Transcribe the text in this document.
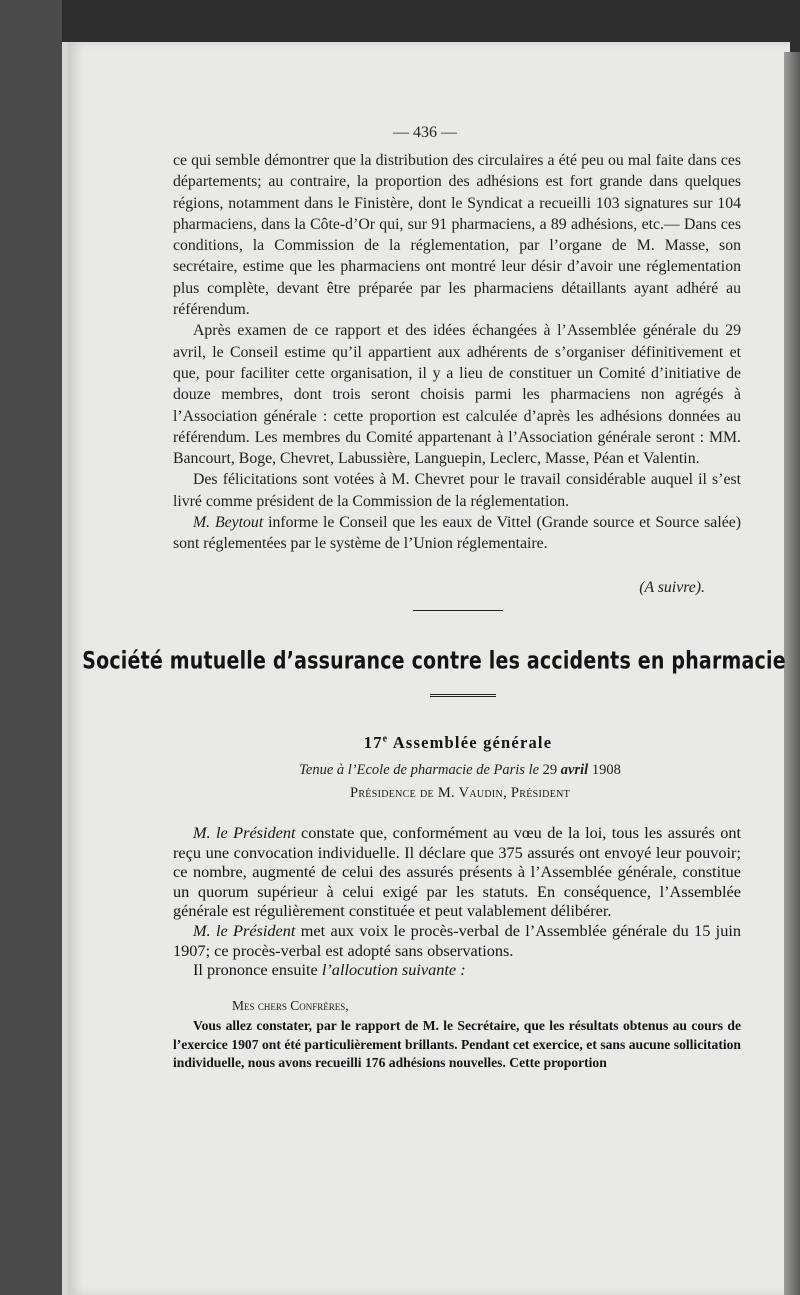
— 436 —

ce qui semble démontrer que la distribution des circulaires a été peu ou mal faite dans ces départements; au contraire, la proportion des adhésions est fort grande dans quelques régions, notamment dans le Finistère, dont le Syndicat a recueilli 103 signatures sur 104 pharmaciens, dans la Côte-d’Or qui, sur 91 pharmaciens, a 89 adhésions, etc.— Dans ces conditions, la Commission de la réglementation, par l’organe de M. Masse, son secrétaire, estime que les pharmaciens ont montré leur désir d’avoir une réglementation plus complète, devant être préparée par les pharmaciens détaillants ayant adhéré au référendum.

Après examen de ce rapport et des idées échangées à l’Assemblée générale du 29 avril, le Conseil estime qu’il appartient aux adhérents de s’organiser définitivement et que, pour faciliter cette organisation, il y a lieu de constituer un Comité d’initiative de douze membres, dont trois seront choisis parmi les pharmaciens non agrégés à l’Association générale : cette proportion est calculée d’après les adhésions données au référendum. Les membres du Comité appartenant à l’Association générale seront : MM. Bancourt, Boge, Chevret, Labussière, Languepin, Leclerc, Masse, Péan et Valentin.

Des félicitations sont votées à M. Chevret pour le travail considérable auquel il s’est livré comme président de la Commission de la réglementation.

M. Beytout informe le Conseil que les eaux de Vittel (Grande source et Source salée) sont réglementées par le système de l’Union réglementaire.

(A suivre).
Société mutuelle d’assurance contre les accidents en pharmacie
17e Assemblée générale
Tenue à l’Ecole de pharmacie de Paris le 29 avril 1908
Présidence de M. Vaudin, Président

M. le Président constate que, conformément au vœu de la loi, tous les assurés ont reçu une convocation individuelle. Il déclare que 375 assurés ont envoyé leur pouvoir; ce nombre, augmenté de celui des assurés présents à l’Assemblée générale, constitue un quorum supérieur à celui exigé par les statuts. En conséquence, l’Assemblée générale est régulièrement constituée et peut valablement délibérer.

M. le Président met aux voix le procès-verbal de l’Assemblée générale du 15 juin 1907; ce procès-verbal est adopté sans observations.

Il prononce ensuite l’allocution suivante :

Mes chers Confrères,

Vous allez constater, par le rapport de M. le Secrétaire, que les résultats obtenus au cours de l’exercice 1907 ont été particulièrement brillants. Pendant cet exercice, et sans aucune sollicitation individuelle, nous avons recueilli 176 adhésions nouvelles. Cette proportion
